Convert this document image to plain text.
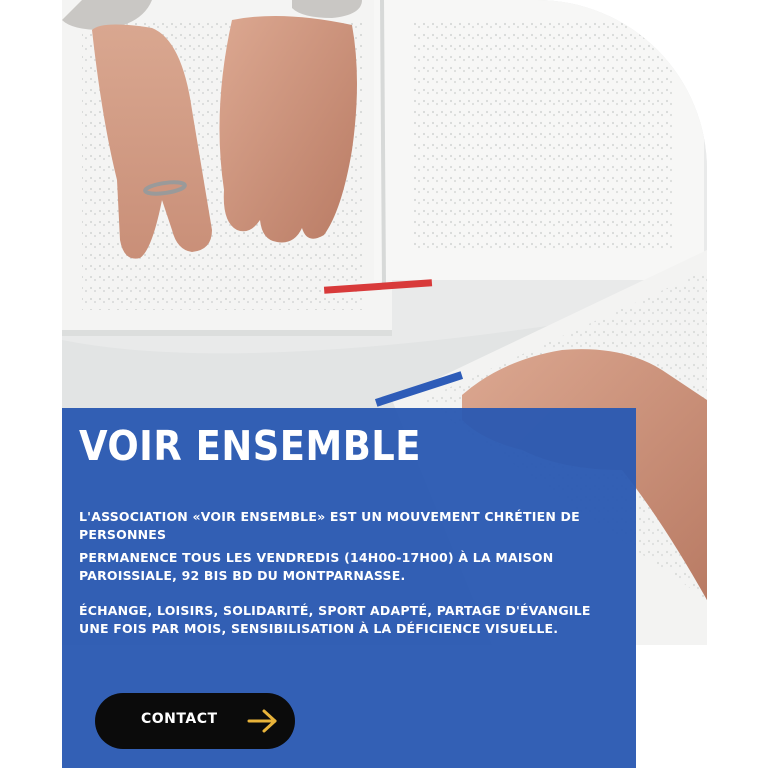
VOIR ENSEMBLE

L'ASSOCIATION «VOIR ENSEMBLE» EST UN MOUVEMENT CHRÉTIEN DE PERSONNES

PERMANENCE TOUS LES VENDREDIS (14H00-17H00) À LA MAISON PAROISSIALE, 92 BIS BD DU MONTPARNASSE.

ÉCHANGE, LOISIRS, SOLIDARITÉ, SPORT ADAPTÉ, PARTAGE D'ÉVANGILE UNE FOIS PAR MOIS, SENSIBILISATION À LA DÉFICIENCE VISUELLE.

CONTACT
